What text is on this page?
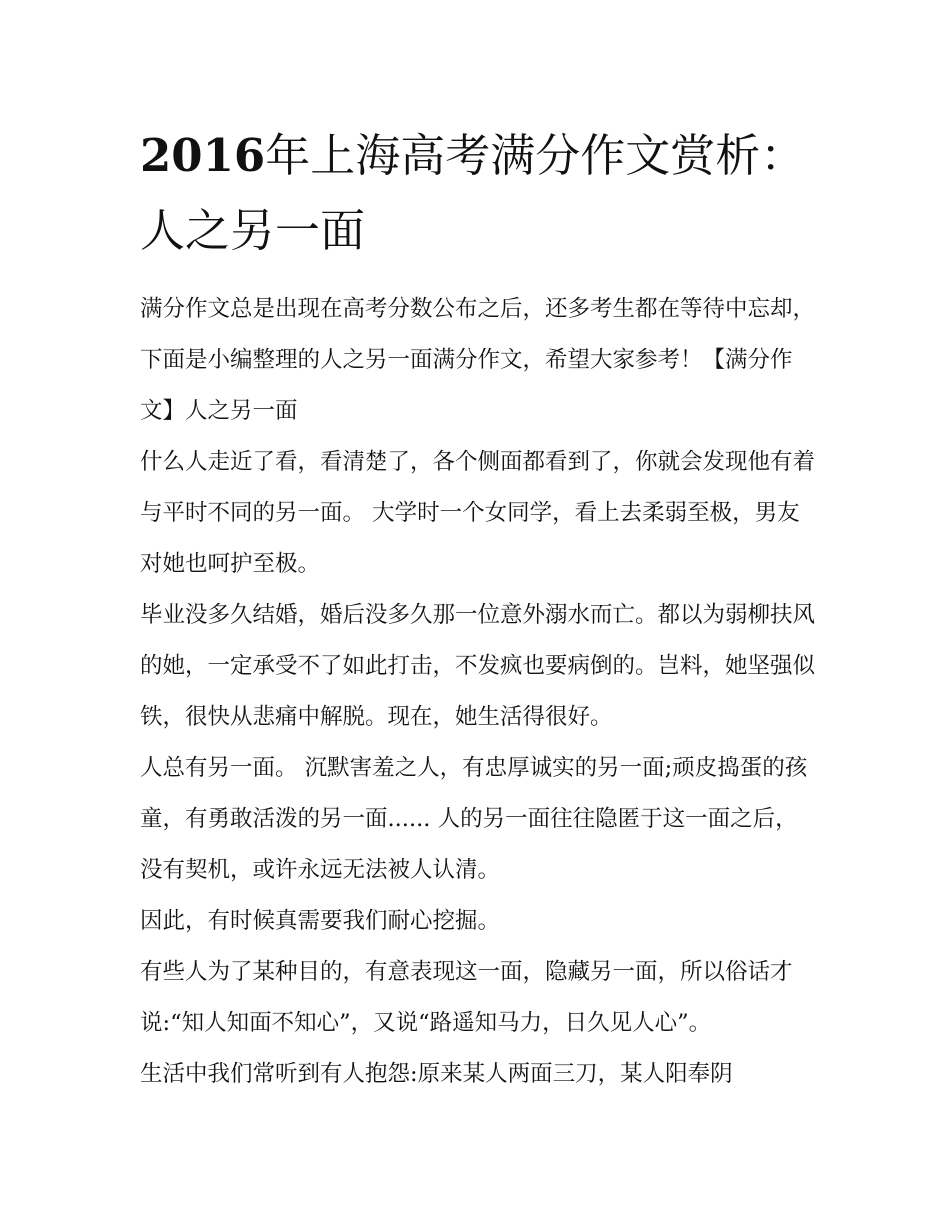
2016年上海高考满分作文赏析：人之另一面

满分作文总是出现在高考分数公布之后，还多考生都在等待中忘却，下面是小编整理的人之另一面满分作文，希望大家参考！【满分作文】人之另一面

什么人走近了看，看清楚了，各个侧面都看到了，你就会发现他有着与平时不同的另一面。 大学时一个女同学，看上去柔弱至极，男友对她也呵护至极。

毕业没多久结婚，婚后没多久那一位意外溺水而亡。都以为弱柳扶风的她，一定承受不了如此打击，不发疯也要病倒的。岂料，她坚强似铁，很快从悲痛中解脱。现在，她生活得很好。

人总有另一面。 沉默害羞之人，有忠厚诚实的另一面;顽皮捣蛋的孩童，有勇敢活泼的另一面...... 人的另一面往往隐匿于这一面之后，没有契机，或许永远无法被人认清。

因此，有时候真需要我们耐心挖掘。

有些人为了某种目的，有意表现这一面，隐藏另一面，所以俗话才说:“知人知面不知心”，又说“路遥知马力，日久见人心”。

生活中我们常听到有人抱怨:原来某人两面三刀，某人阳奉阴
